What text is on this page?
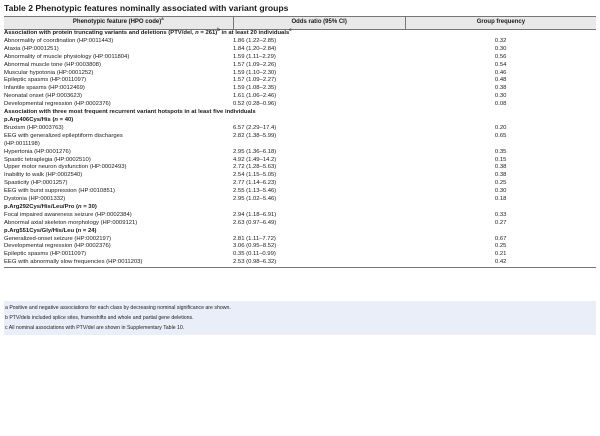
Table 2 Phenotypic features nominally associated with variant groups
Phenotypic feature (HPO code)$^a$	Odds ratio (95% CI)	Group frequency
Association with protein truncating variants and deletions (PTV/del, n = 261)$^b$ in at least 20 individuals$^c$
Abnormality of coordination (HP:0011443)	1.86 (1.22–2.85)	0.32
Ataxia (HP:0001251)	1.84 (1.20–2.84)	0.30
Abnormality of muscle physiology (HP:0011804)	1.59 (1.11–2.29)	0.56
Abnormal muscle tone (HP:0003808)	1.57 (1.09–2.26)	0.54
Muscular hypotonia (HP:0001252)	1.59 (1.10–2.30)	0.46
Epileptic spasms (HP:0011097)	1.57 (1.09–2.27)	0.48
Infantile spasms (HP:0012469)	1.59 (1.08–2.35)	0.38
Neonatal onset (HP:0003623)	1.61 (1.06–2.46)	0.30
Developmental regression (HP:0002376)	0.52 (0.28–0.96)	0.08
Association with three most frequent recurrent variant hotspots in at least five individuals		
p.Arg406Cys/His (n = 40)		
Bruxism (HP:0003763)	6.57 (2.29–17.4)	0.20
EEG with generalized epileptiform discharges	2.82 (1.38–5.99)	0.65
(HP:0011198)		
Hypertonia (HP:0001276)	2.95 (1.36–6.18)	0.35
Spastic tetraplegia (HP:0002510)	4.92 (1.49–14.2)	0.15
Upper motor neuron dysfunction (HP:0002493)	2.72 (1.28–5.63)	0.38
Inability to walk (HP:0002540)	2.54 (1.15–5.05)	0.38
Spasticity (HP:0001257)	2.77 (1.14–6.23)	0.25
EEG with burst suppression (HP:0010851)	2.55 (1.13–5.46)	0.30
Dystonia (HP:0001332)	2.95 (1.02–5.46)	0.18
p.Arg292Cys/His/Leu/Pro (n = 30)		
Focal impaired awareness seizure (HP:0002384)	2.94 (1.18–6.91)	0.33
Abnormal axial skeleton morphology (HP:0009121)	2.63 (0.97–6.49)	0.27
p.Arg551Cys/Gly/His/Leu (n = 24)		
Generalized-onset seizure (HP:0002197)	2.81 (1.11–7.72)	0.67
Developmental regression (HP:0002376)	3.06 (0.95–8.52)	0.25
Epileptic spasms (HP:0011097)	0.35 (0.11–0.99)	0.21
EEG with abnormally slow frequencies (HP:0011203)	2.53 (0.98–6.32)	0.42
a Positive and negative associations for each class by decreasing nominal significance are shown.
b PTV/dels included splice sites, frameshifts and whole and partial gene deletions.
c All nominal associations with PTV/del are shown in Supplementary Table 10.
